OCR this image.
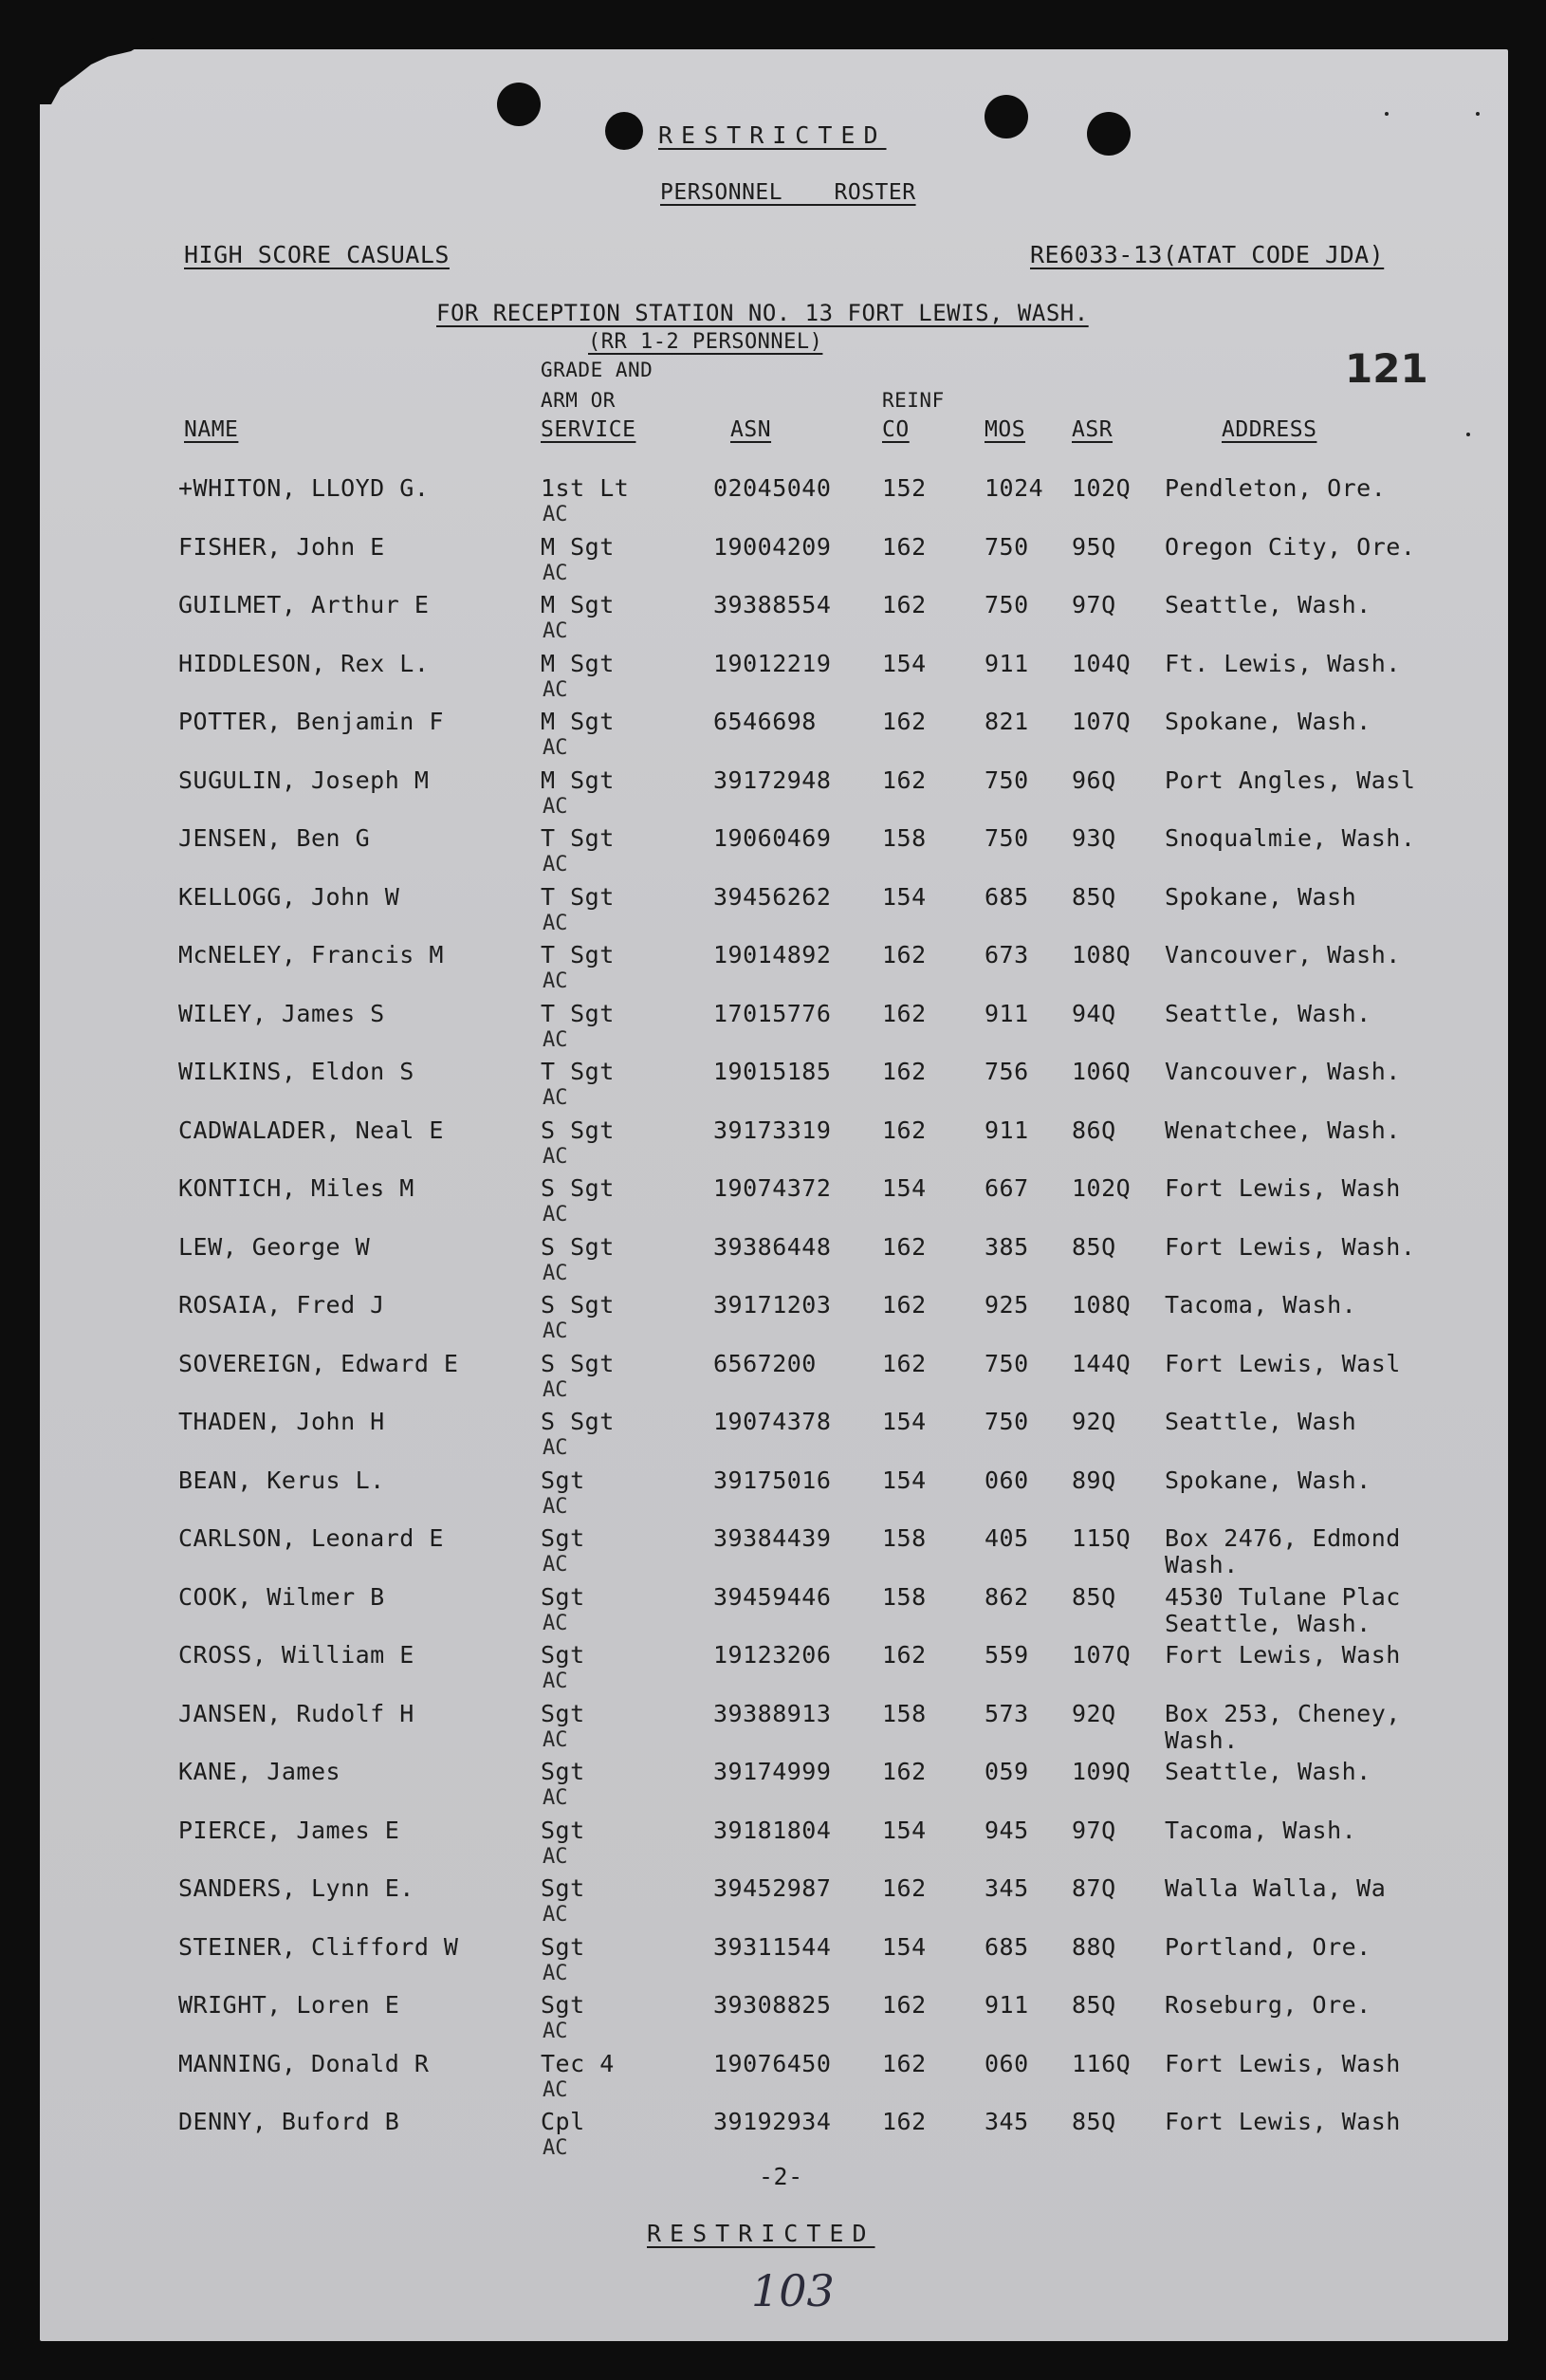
RESTRICTED
PERSONNEL ROSTER
HIGH SCORE CASUALS	RE6033-13(ATAT CODE JDA)
FOR RECEPTION STATION NO. 13 FORT LEWIS, WASH.
(RR 1-2 PERSONNEL)
121
NAME
GRADE AND
ARM OR
SERVICE	ASN
REINF
CO	MOS ASR	ADDRESS
+WHITON, LLOYD G.	1st Lt	02045040 152 1024 102Q Pendleton, Ore.
AC
FISHER, John E	M Sgt	19004209 162 750 95Q Oregon City, Ore.
AC
GUILMET, Arthur E	M Sgt	39388554 162 750 97Q Seattle, Wash.
AC
HIDDLESON, Rex L.	M Sgt	19012219 154 911 104Q Ft. Lewis, Wash.
AC
POTTER, Benjamin F	M Sgt	6546698	162 821 107Q Spokane, Wash.
AC
SUGULIN, Joseph M	M Sgt	39172948 162 750 96Q Port Angles, Wasl
AC
JENSEN, Ben G	T Sgt	19060469 158 750 93Q Snoqualmie, Wash.
AC
KELLOGG, John W	T Sgt	39456262 154 685 85Q Spokane, Wash
AC
McNELEY, Francis M	T Sgt	19014892 162 673 108Q Vancouver, Wash.
AC
WILEY, James S	T Sgt	17015776 162 911 94Q Seattle, Wash.
AC
WILKINS, Eldon S	T Sgt	19015185 162 756 106Q Vancouver, Wash.
AC
CADWALADER, Neal E	S Sgt	39173319 162 911 86Q Wenatchee, Wash.
AC
KONTICH, Miles M	S Sgt	19074372 154 667 102Q Fort Lewis, Wash
AC
LEW, George W	S Sgt	39386448 162 385 85Q Fort Lewis, Wash.
AC
ROSAIA, Fred J	S Sgt	39171203 162 925 108Q Tacoma, Wash.
AC
SOVEREIGN, Edward E	S Sgt	6567200	162 750 144Q Fort Lewis, Wasl
AC
THADEN, John H	S Sgt	19074378 154 750 92Q Seattle, Wash
AC
BEAN, Kerus L.	Sgt	39175016 154 060 89Q Spokane, Wash.
AC
CARLSON, Leonard E	Sgt	39384439 158 405 115Q Box 2476, Edmond
AC	Wash.
COOK, Wilmer B	Sgt	39459446 158 862 85Q 4530 Tulane Plac
AC	Seattle, Wash.
CROSS, William E	Sgt	19123206 162 559 107Q Fort Lewis, Wash
AC
JANSEN, Rudolf H	Sgt	39388913 158 573 92Q Box 253, Cheney,
AC	Wash.
KANE, James	Sgt	39174999 162 059 109Q Seattle, Wash.
AC
PIERCE, James E	Sgt	39181804 154 945 97Q Tacoma, Wash.
AC
SANDERS, Lynn E.	Sgt	39452987 162 345 87Q Walla Walla, Wa
AC
STEINER, Clifford W	Sgt	39311544 154 685 88Q Portland, Ore.
AC
WRIGHT, Loren E	Sgt	39308825 162 911 85Q Roseburg, Ore.
AC
MANNING, Donald R	Tec 4	19076450 162 060 116Q Fort Lewis, Wash
AC
DENNY, Buford B	Cpl	39192934 162 345 85Q Fort Lewis, Wash
AC
-2-
RESTRICTED
103
